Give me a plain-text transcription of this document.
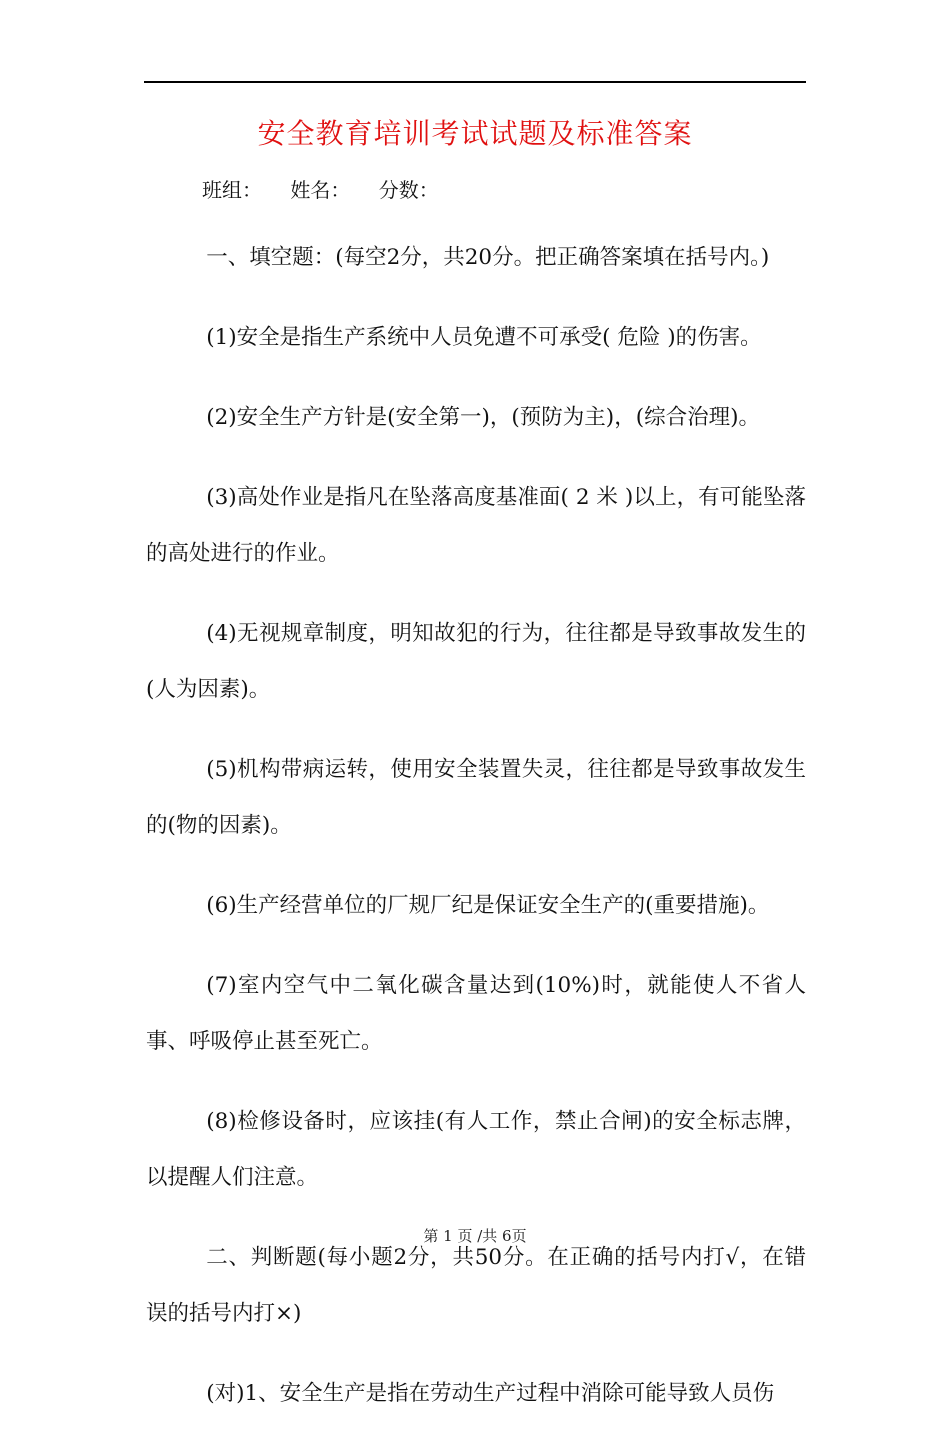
安全教育培训考试试题及标准答案
班组： 姓名： 分数：

一、填空题：(每空2分，共20分。把正确答案填在括号内。)

(1)安全是指生产系统中人员免遭不可承受( 危险 )的伤害。

(2)安全生产方针是(安全第一)，(预防为主)，(综合治理)。

(3)高处作业是指凡在坠落高度基准面( 2 米 )以上，有可能坠落的高处进行的作业。

(4)无视规章制度，明知故犯的行为，往往都是导致事故发生的(人为因素)。

(5)机构带病运转，使用安全装置失灵，往往都是导致事故发生的(物的因素)。

(6)生产经营单位的厂规厂纪是保证安全生产的(重要措施)。

(7)室内空气中二氧化碳含量达到(10%)时，就能使人不省人事、呼吸停止甚至死亡。

(8)检修设备时，应该挂(有人工作，禁止合闸)的安全标志牌，以提醒人们注意。

二、判断题(每小题2分，共50分。在正确的括号内打√，在错误的括号内打×)

(对)1、安全生产是指在劳动生产过程中消除可能导致人员伤

第 1 页 /共 6页
